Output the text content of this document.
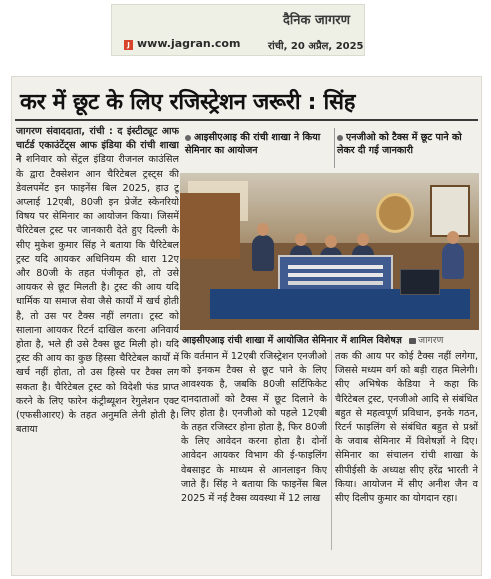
दैनिक जागरण
J www.jagran.com	रांची, 20 अप्रैल, 2025
कर में छूट के लिए रजिस्ट्रेशन जरूरी : सिंह
जागरण संवाददाता, रांची : द इंस्टीट्यूट आफ चार्टर्ड एकाउंटेंट्स आफ इंडिया की रांची शाखा ने शनिवार को सेंट्रल इंडिया रीजनल काउंसिल के द्वारा टैक्सेशन आन चैरिटेबल ट्रस्ट्स की डेवलपमेंट इन फाइनेंस बिल 2025, हाउ टू अप्लाई 12एबी, 80जी इन प्रेजेंट स्केनरियो विषय पर सेमिनार का आयोजन किया। जिसमें चैरिटेबल ट्रस्ट पर जानकारी देते हुए दिल्ली के सीए मुकेश कुमार सिंह ने बताया कि चैरिटेबल ट्रस्ट यदि आयकर अधिनियम की धारा 12ए और 80जी के तहत पंजीकृत हो, तो उसे आयकर से छूट मिलती है। ट्रस्ट की आय यदि धार्मिक या समाज सेवा जैसे कार्यों में खर्च होती है, तो उस पर टैक्स नहीं लगता। ट्रस्ट को सालाना आयकर रिटर्न दाखिल करना अनिवार्य होता है, भले ही उसे टैक्स छूट मिली हो। यदि ट्रस्ट की आय का कुछ हिस्सा चैरिटेबल कार्यों में खर्च नहीं होता, तो उस हिस्से पर टैक्स लग सकता है। चैरिटेबल ट्रस्ट को विदेशी फंड प्राप्त करने के लिए फारेन कंट्रीब्यूशन रेगुलेशन एक्ट (एफसीआरए) के तहत अनुमति लेनी होती है। बताया
आइसीएआइ की रांची शाखा ने किया सेमिनार का आयोजन
एनजीओ को टैक्स में छूट पाने को लेकर दी गई जानकारी
आइसीएआइ रांची शाखा में आयोजित सेमिनार में शामिल विशेषज्ञ जागरण
कि वर्तमान में 12एबी रजिस्ट्रेशन एनजीओ को इनकम टैक्स से छूट पाने के लिए आवश्यक है, जबकि 80जी सर्टिफिकेट दानदाताओं को टैक्स में छूट दिलाने के लिए होता है। एनजीओ को पहले 12एबी के तहत रजिस्टर होना होता है, फिर 80जी के लिए आवेदन करना होता है। दोनों आवेदन आयकर विभाग की ई-फाइलिंग वेबसाइट के माध्यम से आनलाइन किए जाते हैं। सिंह ने बताया कि फाइनेंस बिल 2025 में नई टैक्स व्यवस्था में 12 लाख
तक की आय पर कोई टैक्स नहीं लगेगा, जिससे मध्यम वर्ग को बड़ी राहत मिलेगी। सीए अभिषेक केडिया ने कहा कि चैरिटेबल ट्रस्ट, एनजीओ आदि से संबंधित बहुत से महत्वपूर्ण प्रविधान, इनके गठन, रिटर्न फाइलिंग से संबंधित बहुत से प्रश्नों के जवाब सेमिनार में विशेषज्ञों ने दिए। सेमिनार का संचालन रांची शाखा के सीपीईसी के अध्यक्ष सीए हरेंद्र भारती ने किया। आयोजन में सीए अनीश जैन व सीए दिलीप कुमार का योगदान रहा।
